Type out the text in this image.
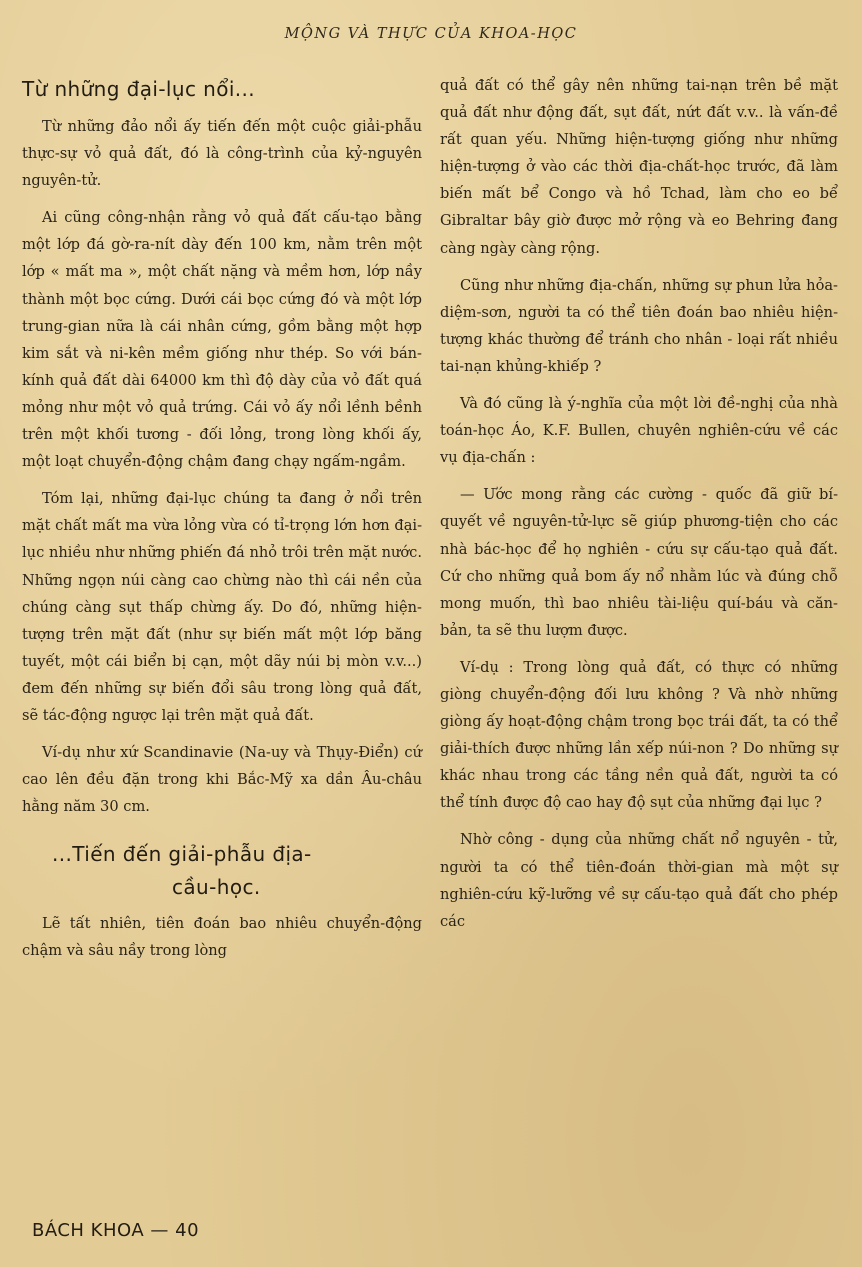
MỘNG VÀ THỰC CỦA KHOA-HỌC
Từ những đại-lục nổi...

Từ những đảo nổi ấy tiến đến một cuộc giải-phẫu thực-sự vỏ quả đất, đó là công-trình của kỷ-nguyên nguyên-tử.

Ai cũng công-nhận rằng vỏ quả đất cấu-tạo bằng một lớp đá gờ-ra-nít dày đến 100 km, nằm trên một lớp « mất ma », một chất nặng và mềm hơn, lớp nầy thành một bọc cứng. Dưới cái bọc cứng đó và một lớp trung-gian nữa là cái nhân cứng, gồm bằng một hợp kim sắt và ni-kên mềm giống như thép. So với bán-kính quả đất dài 64000 km thì độ dày của vỏ đất quá mỏng như một vỏ quả trứng. Cái vỏ ấy nổi lềnh bềnh trên một khối tương - đối lỏng, trong lòng khối ấy, một loạt chuyển-động chậm đang chạy ngấm-ngầm.

Tóm lại, những đại-lục chúng ta đang ở nổi trên mặt chất mất ma vừa lỏng vừa có tỉ-trọng lớn hơn đại-lục nhiều như những phiến đá nhỏ trôi trên mặt nước. Những ngọn núi càng cao chừng nào thì cái nền của chúng càng sụt thấp chừng ấy. Do đó, những hiện-tượng trên mặt đất (như sự biến mất một lớp băng tuyết, một cái biển bị cạn, một dãy núi bị mòn v.v...) đem đến những sự biến đổi sâu trong lòng quả đất, sẽ tác-động ngược lại trên mặt quả đất.

Ví-dụ như xứ Scandinavie (Na-uy và Thụy-Điển) cứ cao lên đều đặn trong khi Bắc-Mỹ xa dần Âu-châu hằng năm 30 cm.

...Tiến đến giải-phẫu địa-
cầu-học.

Lẽ tất nhiên, tiên đoán bao nhiêu chuyển-động chậm và sâu nầy trong lòng

quả đất có thể gây nên những tai-nạn trên bề mặt quả đất như động đất, sụt đất, nứt đất v.v.. là vấn-đề rất quan yếu. Những hiện-tượng giống như những hiện-tượng ở vào các thời địa-chất-học trước, đã làm biến mất bể Congo và hồ Tchad, làm cho eo bể Gibraltar bây giờ được mở rộng và eo Behring đang càng ngày càng rộng.

Cũng như những địa-chấn, những sự phun lửa hỏa-diệm-sơn, người ta có thể tiên đoán bao nhiêu hiện-tượng khác thường để tránh cho nhân - loại rất nhiều tai-nạn khủng-khiếp ?

Và đó cũng là ý-nghĩa của một lời đề-nghị của nhà toán-học Áo, K.F. Bullen, chuyên nghiên-cứu về các vụ địa-chấn :

— Ước mong rằng các cường - quốc đã giữ bí-quyết về nguyên-tử-lực sẽ giúp phương-tiện cho các nhà bác-học để họ nghiên - cứu sự cấu-tạo quả đất. Cứ cho những quả bom ấy nổ nhằm lúc và đúng chỗ mong muốn, thì bao nhiêu tài-liệu quí-báu và căn-bản, ta sẽ thu lượm được.

Ví-dụ : Trong lòng quả đất, có thực có những giòng chuyển-động đối lưu không ? Và nhờ những giòng ấy hoạt-động chậm trong bọc trái đất, ta có thể giải-thích được những lần xếp núi-non ? Do những sự khác nhau trong các tầng nền quả đất, người ta có thể tính được độ cao hay độ sụt của những đại lục ?

Nhờ công - dụng của những chất nổ nguyên - tử, người ta có thể tiên-đoán thời-gian mà một sự nghiên-cứu kỹ-lưỡng về sự cấu-tạo quả đất cho phép các

BÁCH KHOA — 40
